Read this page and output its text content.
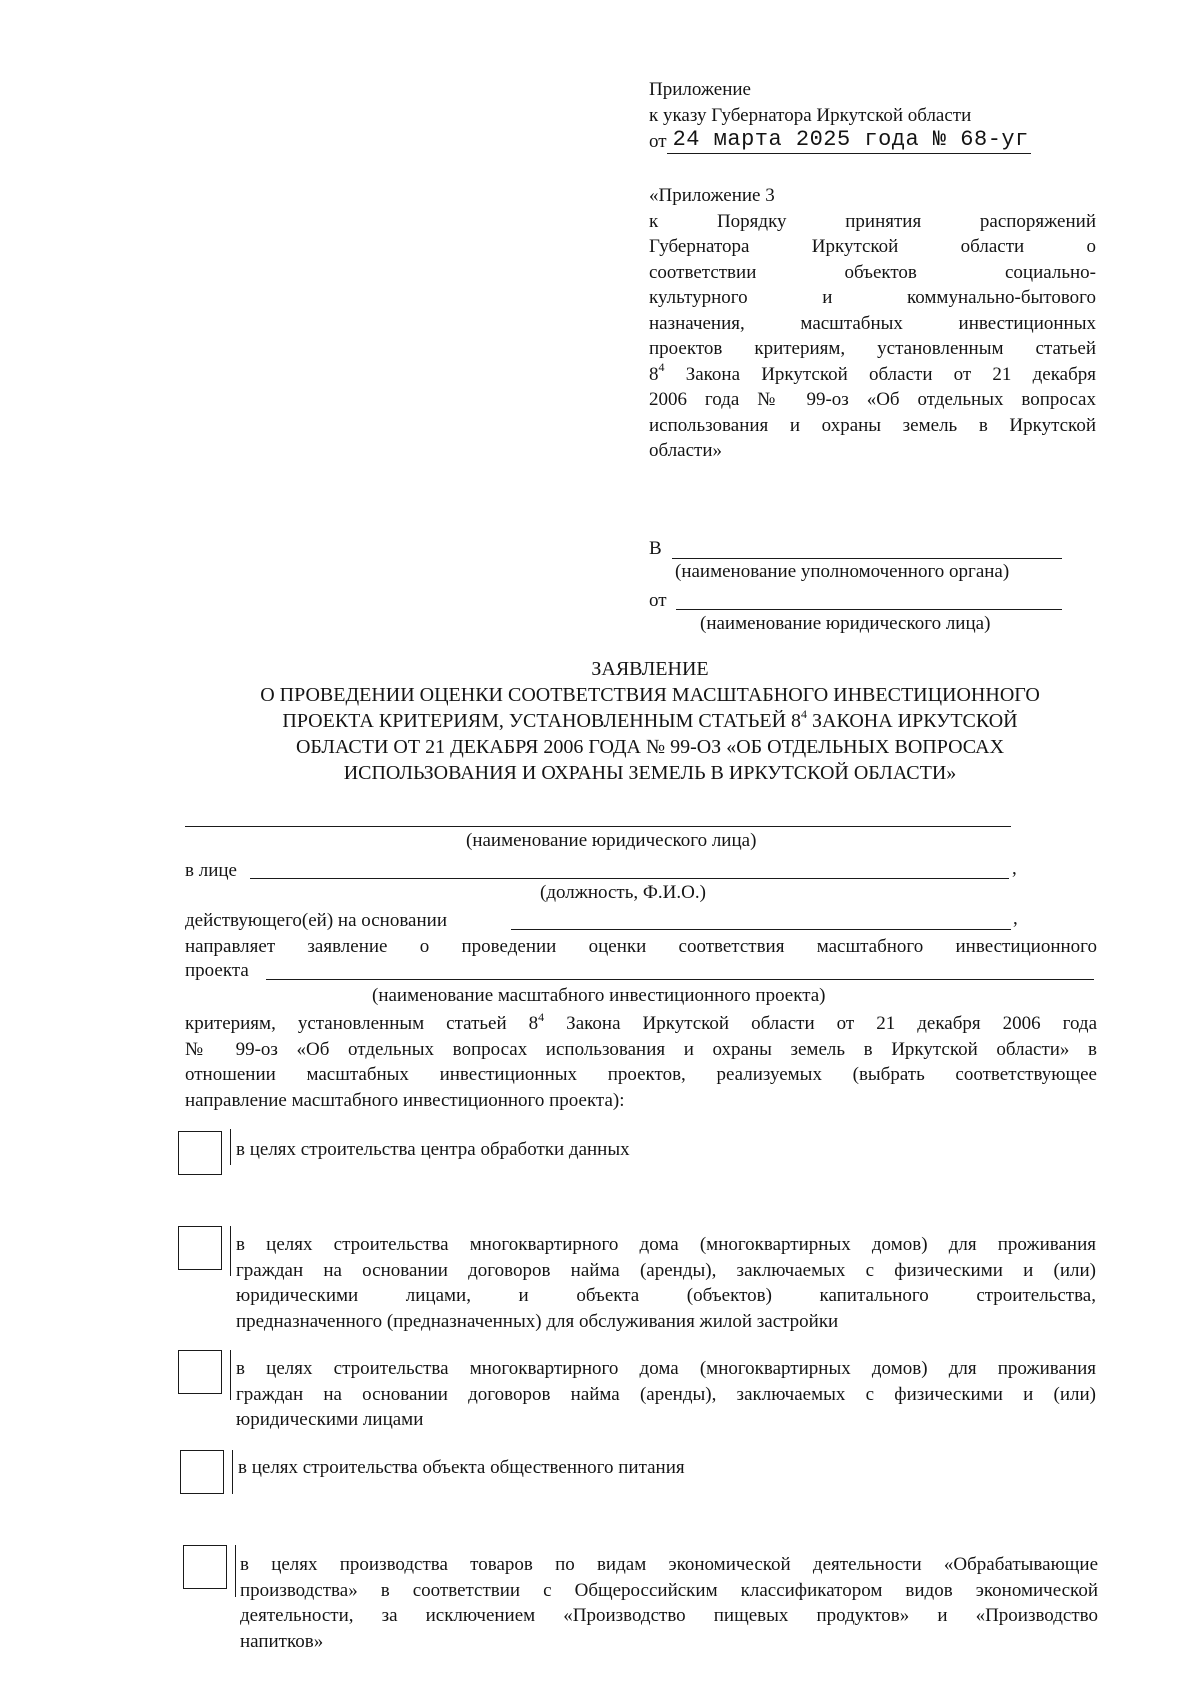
Приложение
к указу Губернатора Иркутской области
от 24 марта 2025 года № 68-уг

«Приложение 3

к Порядку принятия распоряжений

Губернатора Иркутской области о

соответствии объектов социально-

культурного и коммунально-бытового

назначения, масштабных инвестиционных

проектов критериям, установленным статьей

$8^4$ Закона Иркутской области от 21 декабря

2006 года № 99-оз «Об отдельных вопросах

использования и охраны земель в Иркутской

области»

В
(наименование уполномоченного органа)
от
(наименование юридического лица)
ЗАЯВЛЕНИЕ
О ПРОВЕДЕНИИ ОЦЕНКИ СООТВЕТСТВИЯ МАСШТАБНОГО ИНВЕСТИЦИОННОГО
ПРОЕКТА КРИТЕРИЯМ, УСТАНОВЛЕННЫМ СТАТЬЕЙ $8^4$ ЗАКОНА ИРКУТСКОЙ
ОБЛАСТИ ОТ 21 ДЕКАБРЯ 2006 ГОДА № 99-ОЗ «ОБ ОТДЕЛЬНЫХ ВОПРОСАХ
ИСПОЛЬЗОВАНИЯ И ОХРАНЫ ЗЕМЕЛЬ В ИРКУТСКОЙ ОБЛАСТИ»
(наименование юридического лица)
в лице	,
(должность, Ф.И.О.)
действующего(ей) на основании	,
направляет заявление о проведении оценки соответствия масштабного инвестиционного
проекта
(наименование масштабного инвестиционного проекта)
критериям, установленным статьей $8^4$ Закона Иркутской области от 21 декабря 2006 года
№ 99-оз «Об отдельных вопросах использования и охраны земель в Иркутской области» в
отношении масштабных инвестиционных проектов, реализуемых (выбрать соответствующее
направление масштабного инвестиционного проекта):
в целях строительства центра обработки данных
в целях строительства многоквартирного дома (многоквартирных домов) для проживания
граждан на основании договоров найма (аренды), заключаемых с физическими и (или)
юридическими лицами, и объекта (объектов) капитального строительства,
предназначенного (предназначенных) для обслуживания жилой застройки
в целях строительства многоквартирного дома (многоквартирных домов) для проживания
граждан на основании договоров найма (аренды), заключаемых с физическими и (или)
юридическими лицами
в целях строительства объекта общественного питания
в целях производства товаров по видам экономической деятельности «Обрабатывающие
производства» в соответствии с Общероссийским классификатором видов экономической
деятельности, за исключением «Производство пищевых продуктов» и «Производство
напитков»
